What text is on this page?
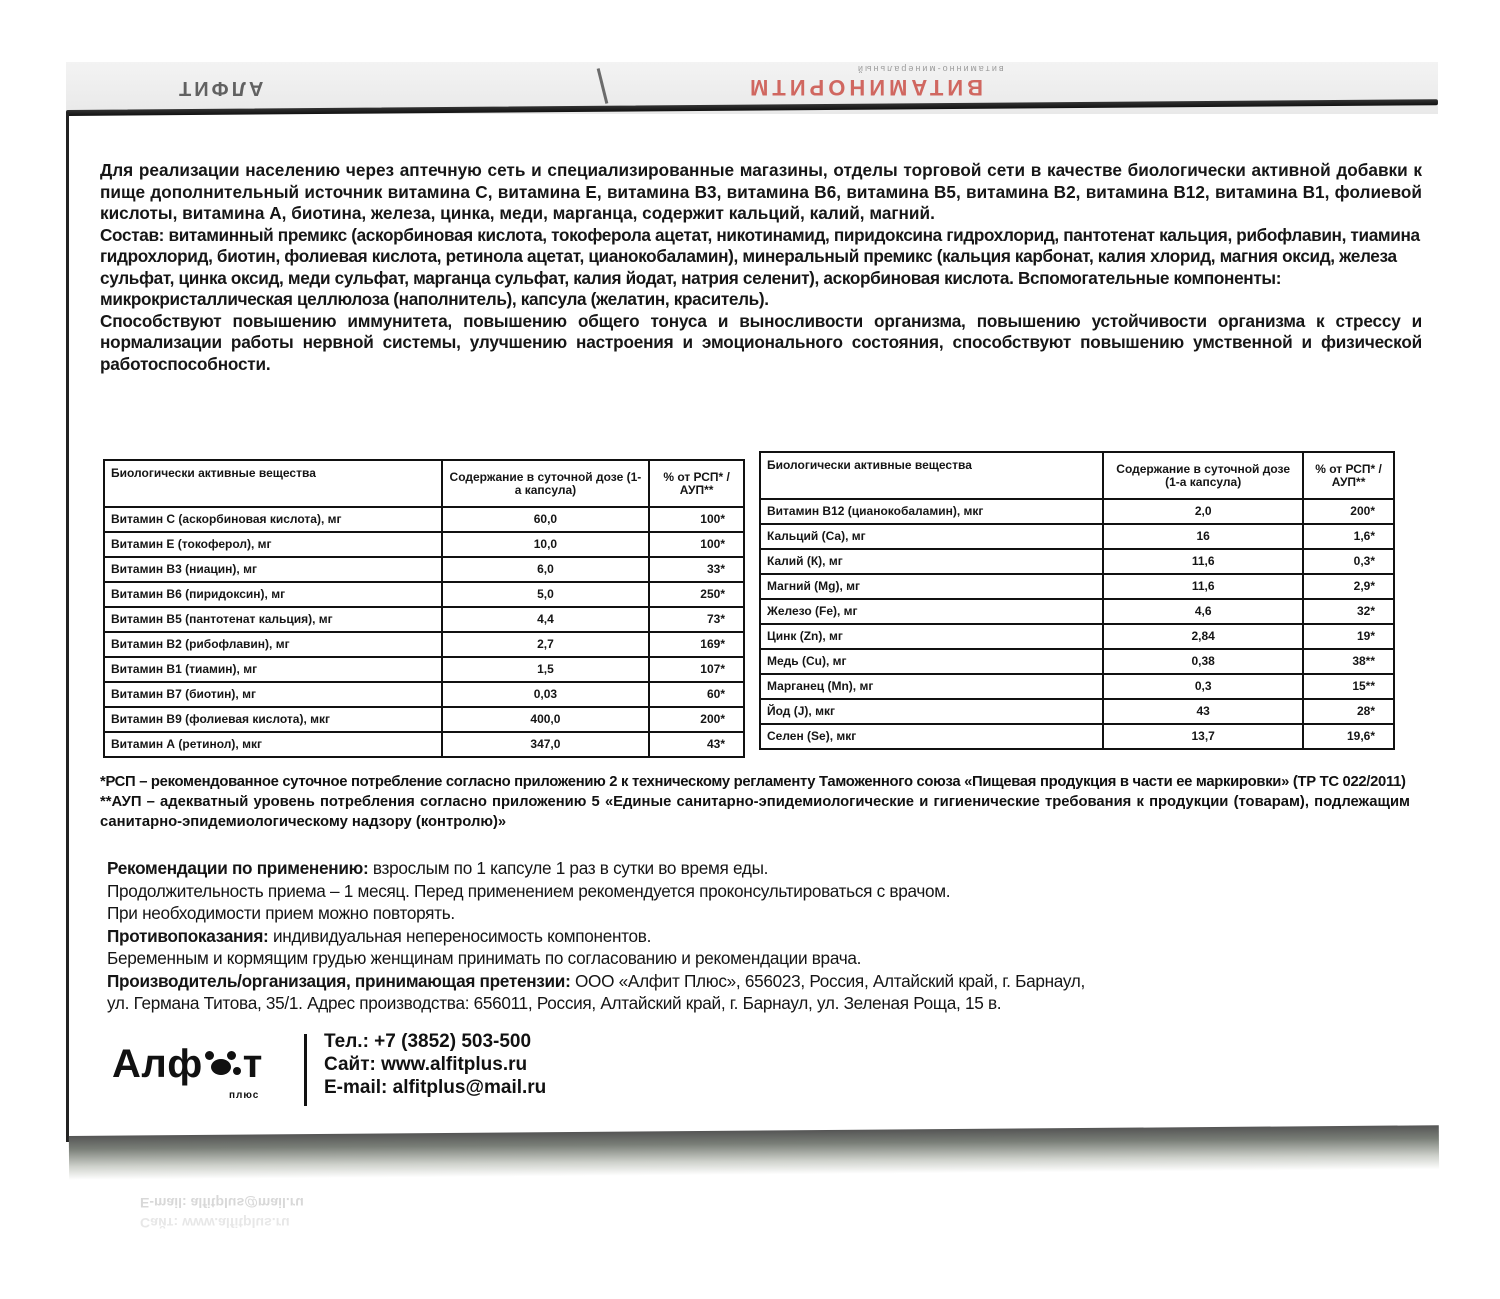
АЛФИТ
витаминно-минеральный
ВИТАМИНОРИТМ
Для реализации населению через аптечную сеть и специализированные магазины, отделы торговой сети в качестве биологически активной добавки к пище дополнительный источник витамина С, витамина Е, витамина В3, витамина В6, витамина В5, витамина В2, витамина В12, витамина В1, фолиевой кислоты, витамина А, биотина, железа, цинка, меди, марганца, содержит кальций, калий, магний.
Состав: витаминный премикс (аскорбиновая кислота, токоферола ацетат, никотинамид, пиридоксина гидрохлорид, пантотенат кальция, рибофлавин, тиамина гидрохлорид, биотин, фолиевая кислота, ретинола ацетат, цианокобаламин), минеральный премикс (кальция карбонат, калия хлорид, магния оксид, железа сульфат, цинка оксид, меди сульфат, марганца сульфат, калия йодат, натрия селенит), аскорбиновая кислота. Вспомогательные компоненты: микрокристаллическая целлюлоза (наполнитель), капсула (желатин, краситель).
Способствуют повышению иммунитета, повышению общего тонуса и выносливости организма, повышению устойчивости организма к стрессу и нормализации работы нервной системы, улучшению настроения и эмоционального состояния, способствуют повышению умственной и физической работоспособности.
Биологически активные вещества	Содержание в суточной дозе (1-а капсула)	% от РСП* / АУП**
Витамин С (аскорбиновая кислота), мг	60,0	100*
Витамин Е (токоферол), мг	10,0	100*
Витамин В3 (ниацин), мг	6,0	33*
Витамин В6 (пиридоксин), мг	5,0	250*
Витамин В5 (пантотенат кальция), мг	4,4	73*
Витамин В2 (рибофлавин), мг	2,7	169*
Витамин В1 (тиамин), мг	1,5	107*
Витамин В7 (биотин), мг	0,03	60*
Витамин В9 (фолиевая кислота), мкг	400,0	200*
Витамин А (ретинол), мкг	347,0	43*
Биологически активные вещества	Содержание в суточной дозе (1-а капсула)	% от РСП* / АУП**
Витамин В12 (цианокобаламин), мкг	2,0	200*
Кальций (Са), мг	16	1,6*
Калий (К), мг	11,6	0,3*
Магний (Mg), мг	11,6	2,9*
Железо (Fe), мг	4,6	32*
Цинк (Zn), мг	2,84	19*
Медь (Cu), мг	0,38	38**
Марганец (Mn), мг	0,3	15**
Йод (J), мкг	43	28*
Селен (Se), мкг	13,7	19,6*
*РСП – рекомендованное суточное потребление согласно приложению 2 к техническому регламенту Таможенного союза «Пищевая продукция в части ее маркировки» (ТР ТС 022/2011)
**АУП – адекватный уровень потребления согласно приложению 5 «Единые санитарно-эпидемиологические и гигиенические требования к продукции (товарам), подлежащим санитарно-эпидемиологическому надзору (контролю)»
Рекомендации по применению: взрослым по 1 капсуле 1 раз в сутки во время еды.
Продолжительность приема – 1 месяц. Перед применением рекомендуется проконсультироваться с врачом.
При необходимости прием можно повторять.
Противопоказания: индивидуальная непереносимость компонентов.
Беременным и кормящим грудью женщинам принимать по согласованию и рекомендации врача.
Производитель/организация, принимающая претензии: ООО «Алфит Плюс», 656023, Россия, Алтайский край, г. Барнаул,
ул. Германа Титова, 35/1. Адрес производства: 656011, Россия, Алтайский край, г. Барнаул, ул. Зеленая Роща, 15 в.
Алф т
плюс
Тел.: +7 (3852) 503-500
Сайт: www.alfitplus.ru
E-mail: alfitplus@mail.ru
E-mail: alfitplus@mail.ru
Сайт: www.alfitplus.ru
